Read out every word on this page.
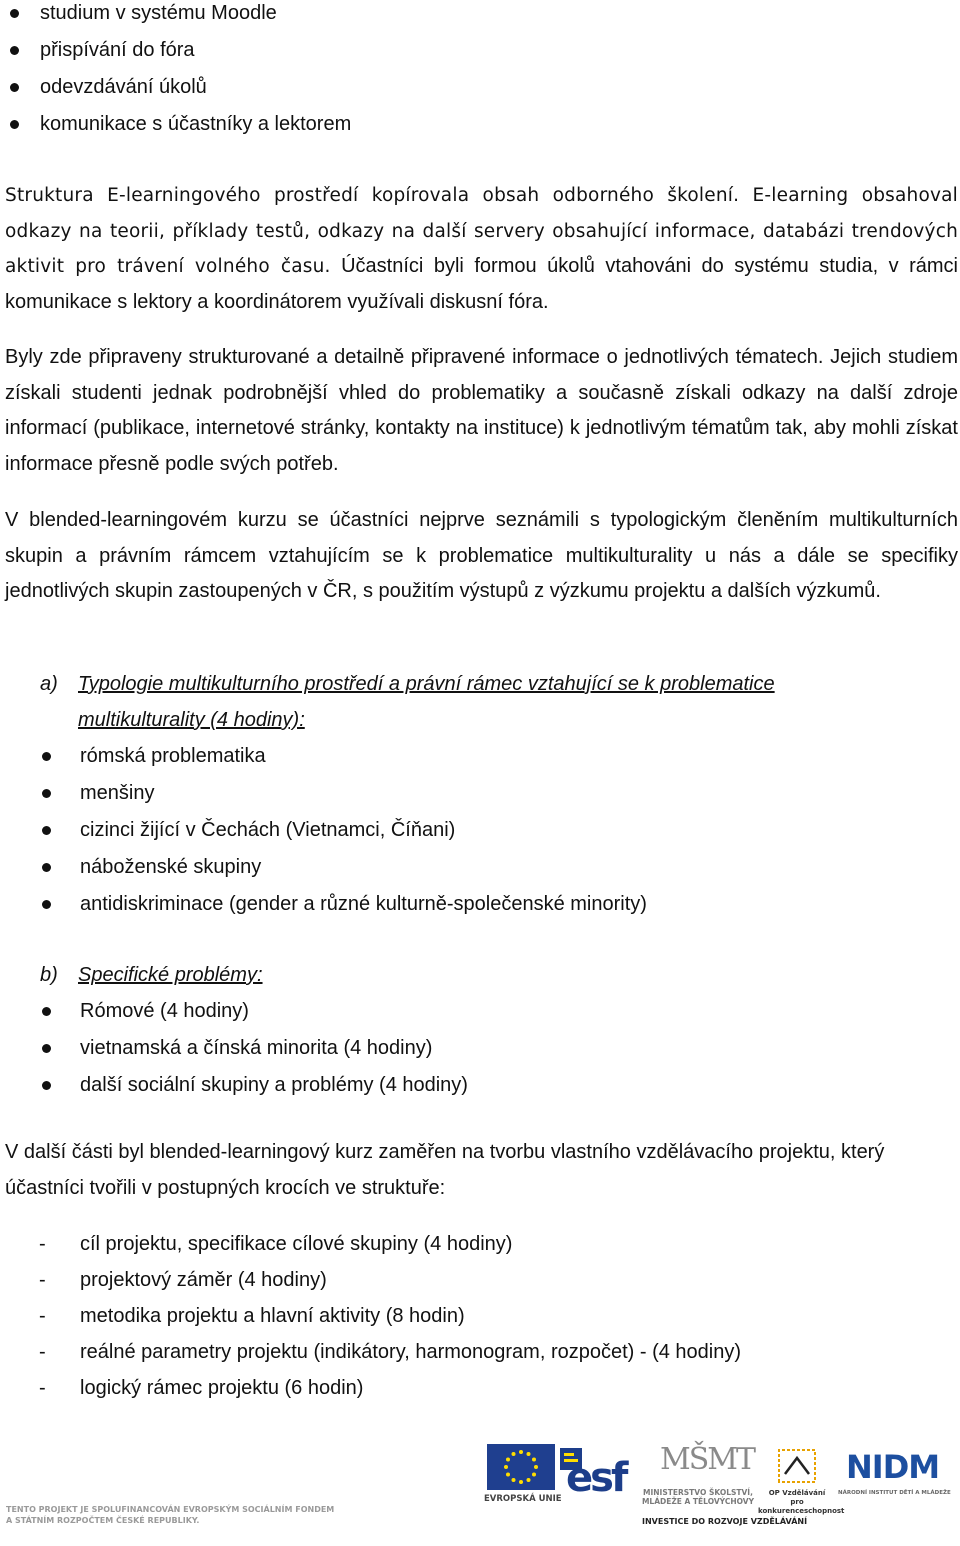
studium v systému Moodle
přispívání do fóra
odevzdávání úkolů
komunikace s účastníky a lektorem

Struktura E-learningového prostředí kopírovala obsah odborného školení. E-learning obsahoval odkazy na teorii, příklady testů, odkazy na další servery obsahující informace, databázi trendových aktivit pro trávení volného času. Účastníci byli formou úkolů vtahováni do systému studia, v rámci komunikace s lektory a koordinátorem využívali diskusní fóra.

Byly zde připraveny strukturované a detailně připravené informace o jednotlivých tématech. Jejich studiem získali studenti jednak podrobnější vhled do problematiky a současně získali odkazy na další zdroje informací (publikace, internetové stránky, kontakty na instituce) k jednotlivým tématům tak, aby mohli získat informace přesně podle svých potřeb.

V blended-learningovém kurzu se účastníci nejprve seznámili s typologickým členěním multikulturních skupin a právním rámcem vztahujícím se k problematice multikulturality u nás a dále se specifiky jednotlivých skupin zastoupených v ČR, s použitím výstupů z výzkumu projektu a dalších výzkumů.

a) Typologie multikulturního prostředí a právní rámec vztahující se k problematice
multikulturality (4 hodiny):
rómská problematika
menšiny
cizinci žijící v Čechách (Vietnamci, Číňani)
náboženské skupiny
antidiskriminace (gender a různé kulturně-společenské minority)
b) Specifické problémy:
Rómové (4 hodiny)
vietnamská a čínská minorita (4 hodiny)
další sociální skupiny a problémy (4 hodiny)

V další části byl blended-learningový kurz zaměřen na tvorbu vlastního vzdělávacího projektu, který účastníci tvořili v postupných krocích ve struktuře:

- cíl projektu, specifikace cílové skupiny (4 hodiny)
- projektový záměr (4 hodiny)
- metodika projektu a hlavní aktivity (8 hodin)
- reálné parametry projektu (indikátory, harmonogram, rozpočet) - (4 hodiny)
- logický rámec projektu (6 hodin)
TENTO PROJEKT JE SPOLUFINANCOVÁN EVROPSKÝM SOCIÁLNÍM FONDEM
A STÁTNÍM ROZPOČTEM ČESKÉ REPUBLIKY.
EVROPSKÁ UNIE esf MŠMT
MINISTERSTVO ŠKOLSTVÍ,
MLÁDEŽE A TĚLOVÝCHOVY
OP Vzdělávání
pro konkurenceschopnost
NIDM
NÁRODNÍ INSTITUT DĚTÍ A MLÁDEŽE
INVESTICE DO ROZVOJE VZDĚLÁVÁNÍ
